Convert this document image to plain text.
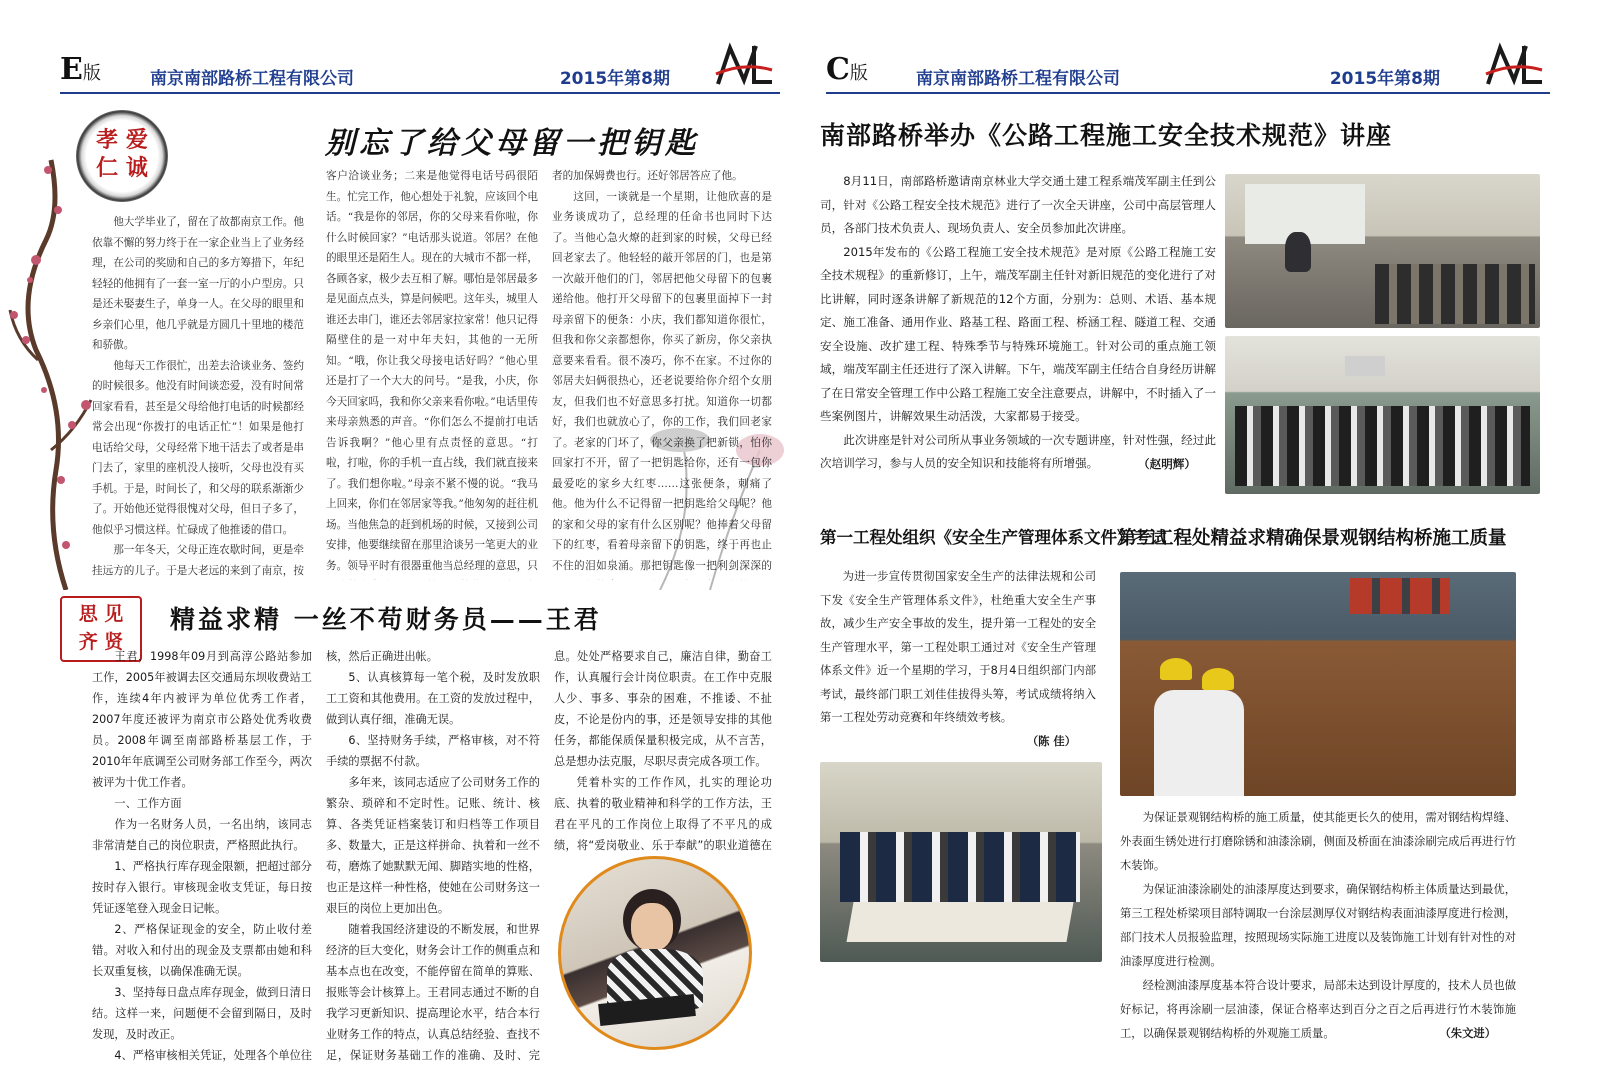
E版	南京南部路桥工程有限公司	2015年第8期
孝 爱
仁 诚
别忘了给父母留一把钥匙

他大学毕业了，留在了故都南京工作。他依靠不懈的努力终于在一家企业当上了业务经理，在公司的奖励和自己的多方筹措下，年纪轻轻的他拥有了一套一室一厅的小户型房。只是还未娶妻生子，单身一人。在父母的眼里和乡亲们心里，他几乎就是方圆几十里地的楼范和骄傲。

他每天工作很忙，出差去洽谈业务、签约的时候很多。他没有时间谈恋爱，没有时间常回家看看，甚至是父母给他打电话的时候都经常会出现“你拨打的电话正忙”！如果是他打电话给父母，父母经常下地干活去了或者是串门去了，家里的座机没人接听，父母也没有买手机。于是，时间长了，和父母的联系渐渐少了。开始他还觉得很愧对父母，但日子多了，他似乎习惯这样。忙碌成了他推诿的借口。

那一年冬天，父母正连农歇时间，更是牵挂远方的儿子。于是大老远的来到了南京，按

客户洽谈业务；二来是他觉得电话号码很陌生。忙完工作，他心想处于礼貌，应该回个电话。“我是你的邻居，你的父母来看你啦，你什么时候回家？”电话那头说道。邻居？在他的眼里还是陌生人。现在的大城市不都一样，各顾各家，极少去互相了解。哪怕是邻居最多是见面点点头，算是问候吧。这年头，城里人谁还去串门，谁还去邻居家拉家常！他只记得隔壁住的是一对中年夫妇，其他的一无所知。“哦，你让我父母接电话好吗？”他心里还是打了一个大大的问号。“是我，小庆，你今天回家吗，我和你父亲来看你啦。”电话里传来母亲熟悉的声音。“你们怎么不提前打电话告诉我啊？”他心里有点责怪的意思。“打啦，打啦，你的手机一直占线，我们就直接来了。我们想你啦。”母亲不紧不慢的说。“我马上回来，你们在邻居家等我。”他匆匆的赶往机场。当他焦急的赶到机场的时候，又接到公司安排，他要继续留在那里洽谈另一笔更大的业务。领导平时有很器重他当总经理的意思，只

者的加保姆费也行。还好邻居答应了他。

这回，一谈就是一个星期，让他欣喜的是业务谈成功了，总经理的任命书也同时下达了。当他心急火燎的赶到家的时候，父母已经回老家去了。他轻轻的敲开邻居的门，也是第一次敲开他们的门，邻居把他父母留下的包裹递给他。他打开父母留下的包裹里面掉下一封母亲留下的便条：小庆，我们都知道你很忙，但我和你父亲都想你，你买了新房，你父亲执意要来看看。很不凑巧，你不在家。不过你的邻居夫妇俩很热心，还老说要给你介绍个女朋友，但我们也不好意思多打扰。知道你一切都好，我们也就放心了，你的工作，我们回老家了。老家的门坏了，你父亲换了把新锁，怕你回家打不开，留了一把钥匙给你，还有一包你最爱吃的家乡大红枣……这张便条，刺痛了他。他为什么不记得留一把钥匙给父母呢？他的家和父母的家有什么区别呢？他捧着父母留下的红枣，看着母亲留下的钥匙，终于再也止不住的泪如泉涌。那把钥匙像一把利剑深深的

思 见
齐 贤
精益求精 一丝不苟财务员——王君

王君，1998年09月到高淳公路站参加工作，2005年被调去区交通局东坝收费站工作，连续4年内被评为单位优秀工作者，2007年度还被评为南京市公路处优秀收费员。2008年调至南部路桥基层工作，于2010年年底调至公司财务部工作至今，两次被评为十优工作者。

一、工作方面

作为一名财务人员，一名出纳，该同志非常清楚自己的岗位职责，严格照此执行。

1、严格执行库存现金限额，把超过部分按时存入银行。审核现金收支凭证，每日按凭证逐笔登入现金日记帐。

2、严格保证现金的安全，防止收付差错。对收入和付出的现金及支票都由她和科长双重复核，以确保准确无误。

3、坚持每日盘点库存现金，做到日清日结。这样一来，问题便不会留到隔日，及时发现，及时改正。

4、严格审核相关凭证，处理各个单位往

核，然后正确进出帐。

5、认真核算每一笔个税，及时发放职工工资和其他费用。在工资的发放过程中，做到认真仔细，准确无误。

6、坚持财务手续，严格审核，对不符手续的票据不付款。

多年来，该同志适应了公司财务工作的繁杂、琐碎和不定时性。记账、统计、核算、各类凭证档案装订和归档等工作项目多、数量大，正是这样拼命、执着和一丝不苟，磨炼了她默默无闻、脚踏实地的性格，也正是这样一种性格，使她在公司财务这一艰巨的岗位上更加出色。

随着我国经济建设的不断发展，和世界经济的巨大变化，财务会计工作的侧重点和基本点也在改变，不能停留在简单的算账、报账等会计核算上。王君同志通过不断的自我学习更新知识、提高理论水平，结合本行业财务工作的特点，认真总结经验、查找不足，保证财务基础工作的准确、及时、完

息。处处严格要求自己，廉洁自律，勤奋工作，认真履行会计岗位职责。在工作中克服人少、事多、事杂的困难，不推诿、不扯皮，不论是份内的事，还是领导安排的其他任务，都能保质保量积极完成，从不言苦，总是想办法克服，尽职尽责完成各项工作。

凭着朴实的工作作风，扎实的理论功底、执着的敬业精神和科学的工作方法，王君在平凡的工作岗位上取得了不平凡的成绩，将“爱岗敬业、乐于奉献”的职业道德在

C版	南京南部路桥工程有限公司	2015年第8期
南部路桥举办《公路工程施工安全技术规范》讲座

8月11日，南部路桥邀请南京林业大学交通土建工程系端茂军副主任到公司，针对《公路工程安全技术规范》进行了一次全天讲座，公司中高层管理人员，各部门技术负责人、现场负责人、安全员参加此次讲座。

2015年发布的《公路工程施工安全技术规范》是对原《公路工程施工安全技术规程》的重新修订，上午，端茂军副主任针对新旧规范的变化进行了对比讲解，同时逐条讲解了新规范的12个方面，分别为：总则、术语、基本规定、施工准备、通用作业、路基工程、路面工程、桥涵工程、隧道工程、交通安全设施、改扩建工程、特殊季节与特殊环境施工。针对公司的重点施工领域，端茂军副主任还进行了深入讲解。下午，端茂军副主任结合自身经历讲解了在日常安全管理工作中公路工程施工安全注意要点，讲解中，不时插入了一些案例图片，讲解效果生动活泼，大家都易于接受。

此次讲座是针对公司所从事业务领域的一次专题讲座，针对性强，经过此次培训学习，参与人员的安全知识和技能将有所增强。	（赵明辉）
第一工程处组织《安全生产管理体系文件》考试

为进一步宣传贯彻国家安全生产的法律法规和公司下发《安全生产管理体系文件》，杜绝重大安全生产事故，减少生产安全事故的发生，提升第一工程处的安全生产管理水平，第一工程处职工通过对《安全生产管理体系文件》近一个星期的学习，于8月4日组织部门内部考试，最终部门职工刘佳佳拔得头筹，考试成绩将纳入第一工程处劳动竞赛和年终绩效考核。

（陈 佳）
第三工程处精益求精确保景观钢结构桥施工质量

为保证景观钢结构桥的施工质量，使其能更长久的使用，需对钢结构焊缝、外表面生锈处进行打磨除锈和油漆涂刷，侧面及桥面在油漆涂刷完成后再进行竹木装饰。

为保证油漆涂刷处的油漆厚度达到要求，确保钢结构桥主体质量达到最优，第三工程处桥梁项目部特调取一台涂层测厚仪对钢结构表面油漆厚度进行检测，部门技术人员报验监理，按照现场实际施工进度以及装饰施工计划有针对性的对油漆厚度进行检测。

经检测油漆厚度基本符合设计要求，局部未达到设计厚度的，技术人员也做好标记，将再涂刷一层油漆，保证合格率达到百分之百之后再进行竹木装饰施工，以确保景观钢结构桥的外观施工质量。	（朱文进）
